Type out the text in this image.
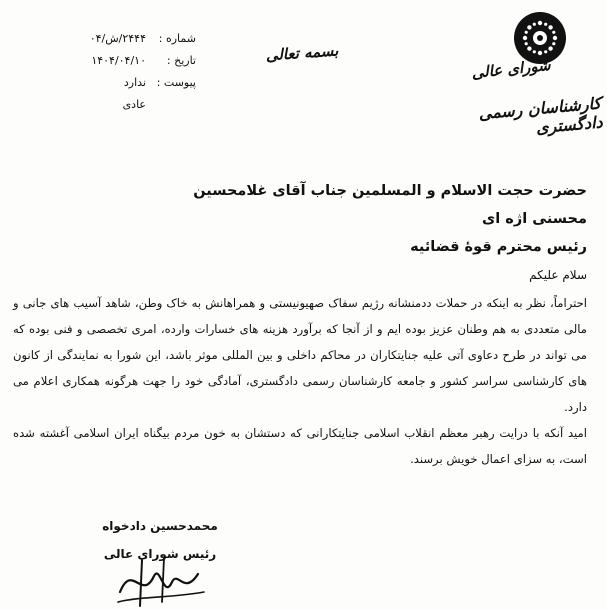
شماره :
۲۴۴۴/ش/۰۴
تاریخ :
۱۴۰۴/۰۴/۱۰
پیوست :
ندارد
عادی
بسمه تعالی
شورای عالی
کارشناسان رسمی دادگستری
حضرت حجت الاسلام و المسلمین جناب آقای غلامحسین محسنی اژه ای
رئیس محترم قوهٔ قضائیه
سلام علیکم

احتراماً، نظر به اینکه در حملات ددمنشانه رژیم سفاک صهیونیستی و همراهانش به خاک وطن، شاهد آسیب های جانی و مالی متعددی به هم وطنان عزیز بوده ایم و از آنجا که برآورد هزینه های خسارات وارده، امری تخصصی و فنی بوده که می تواند در طرح دعاوی آتی علیه جنایتکاران در محاکم داخلی و بین المللی موثر باشد، این شورا به نمایندگی از کانون های کارشناسی سراسر کشور و جامعه کارشناسان رسمی دادگستری، آمادگی خود را جهت هرگونه همکاری اعلام می دارد.

امید آنکه با درایت رهبر معظم انقلاب اسلامی جنایتکارانی که دستشان به خون مردم بیگناه ایران اسلامی آغشته شده است، به سزای اعمال خویش برسند.

محمدحسین دادخواه
رئیس شورای عالی
